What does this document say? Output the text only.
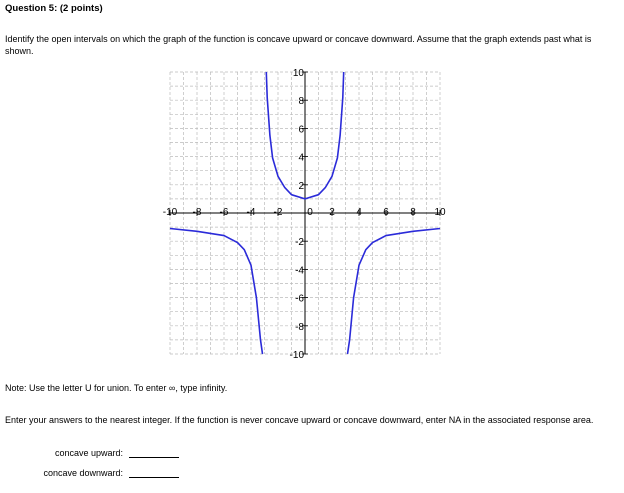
Question 5: (2 points)
Identify the open intervals on which the graph of the function is concave upward or concave downward. Assume that the graph extends past what is shown.
-10 -8 -6 -4 -2 0 2 4 6 8 10
10
8
6
4
2
-2
-4
-6
-8
-10
Note: Use the letter U for union. To enter ∞, type infinity.
Enter your answers to the nearest integer. If the function is never concave upward or concave downward, enter NA in the associated response area.
concave upward:
concave downward:
